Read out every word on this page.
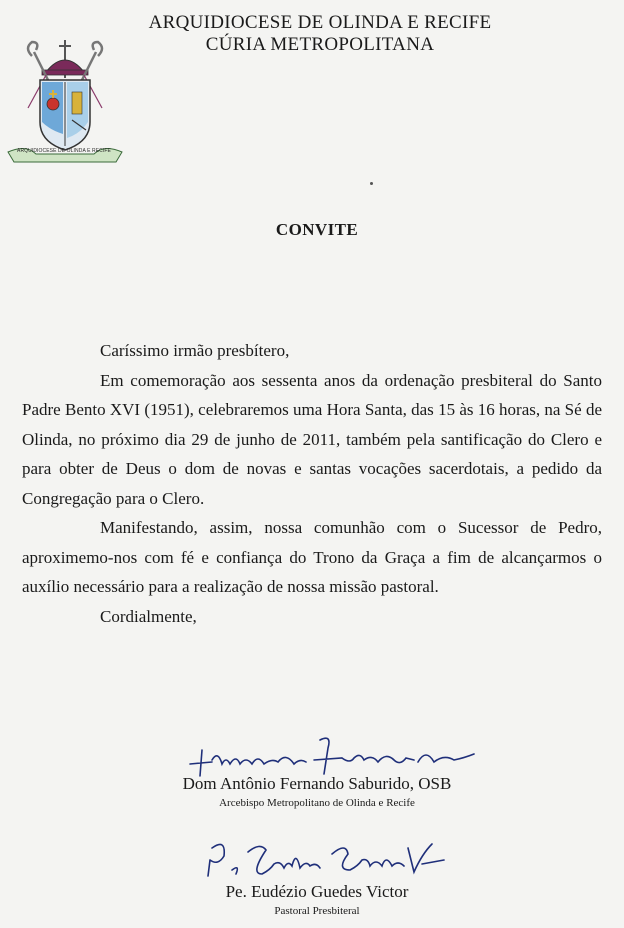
ARQUIDIOCESE DE OLINDA E RECIFE
ARQUIDIOCESE DE OLINDA E RECIFE
CÚRIA METROPOLITANA
CONVITE

Caríssimo irmão presbítero,

Em comemoração aos sessenta anos da ordenação presbiteral do Santo Padre Bento XVI (1951), celebraremos uma Hora Santa, das 15 às 16 horas, na Sé de Olinda, no próximo dia 29 de junho de 2011, também pela santificação do Clero e para obter de Deus o dom de novas e santas vocações sacerdotais, a pedido da Congregação para o Clero.

Manifestando, assim, nossa comunhão com o Sucessor de Pedro, aproximemo-nos com fé e confiança do Trono da Graça a fim de alcançarmos o auxílio necessário para a realização de nossa missão pastoral.

Cordialmente,

Dom Antônio Fernando Saburido, OSB
Arcebispo Metropolitano de Olinda e Recife
Pe. Eudézio Guedes Victor
Pastoral Presbiteral
